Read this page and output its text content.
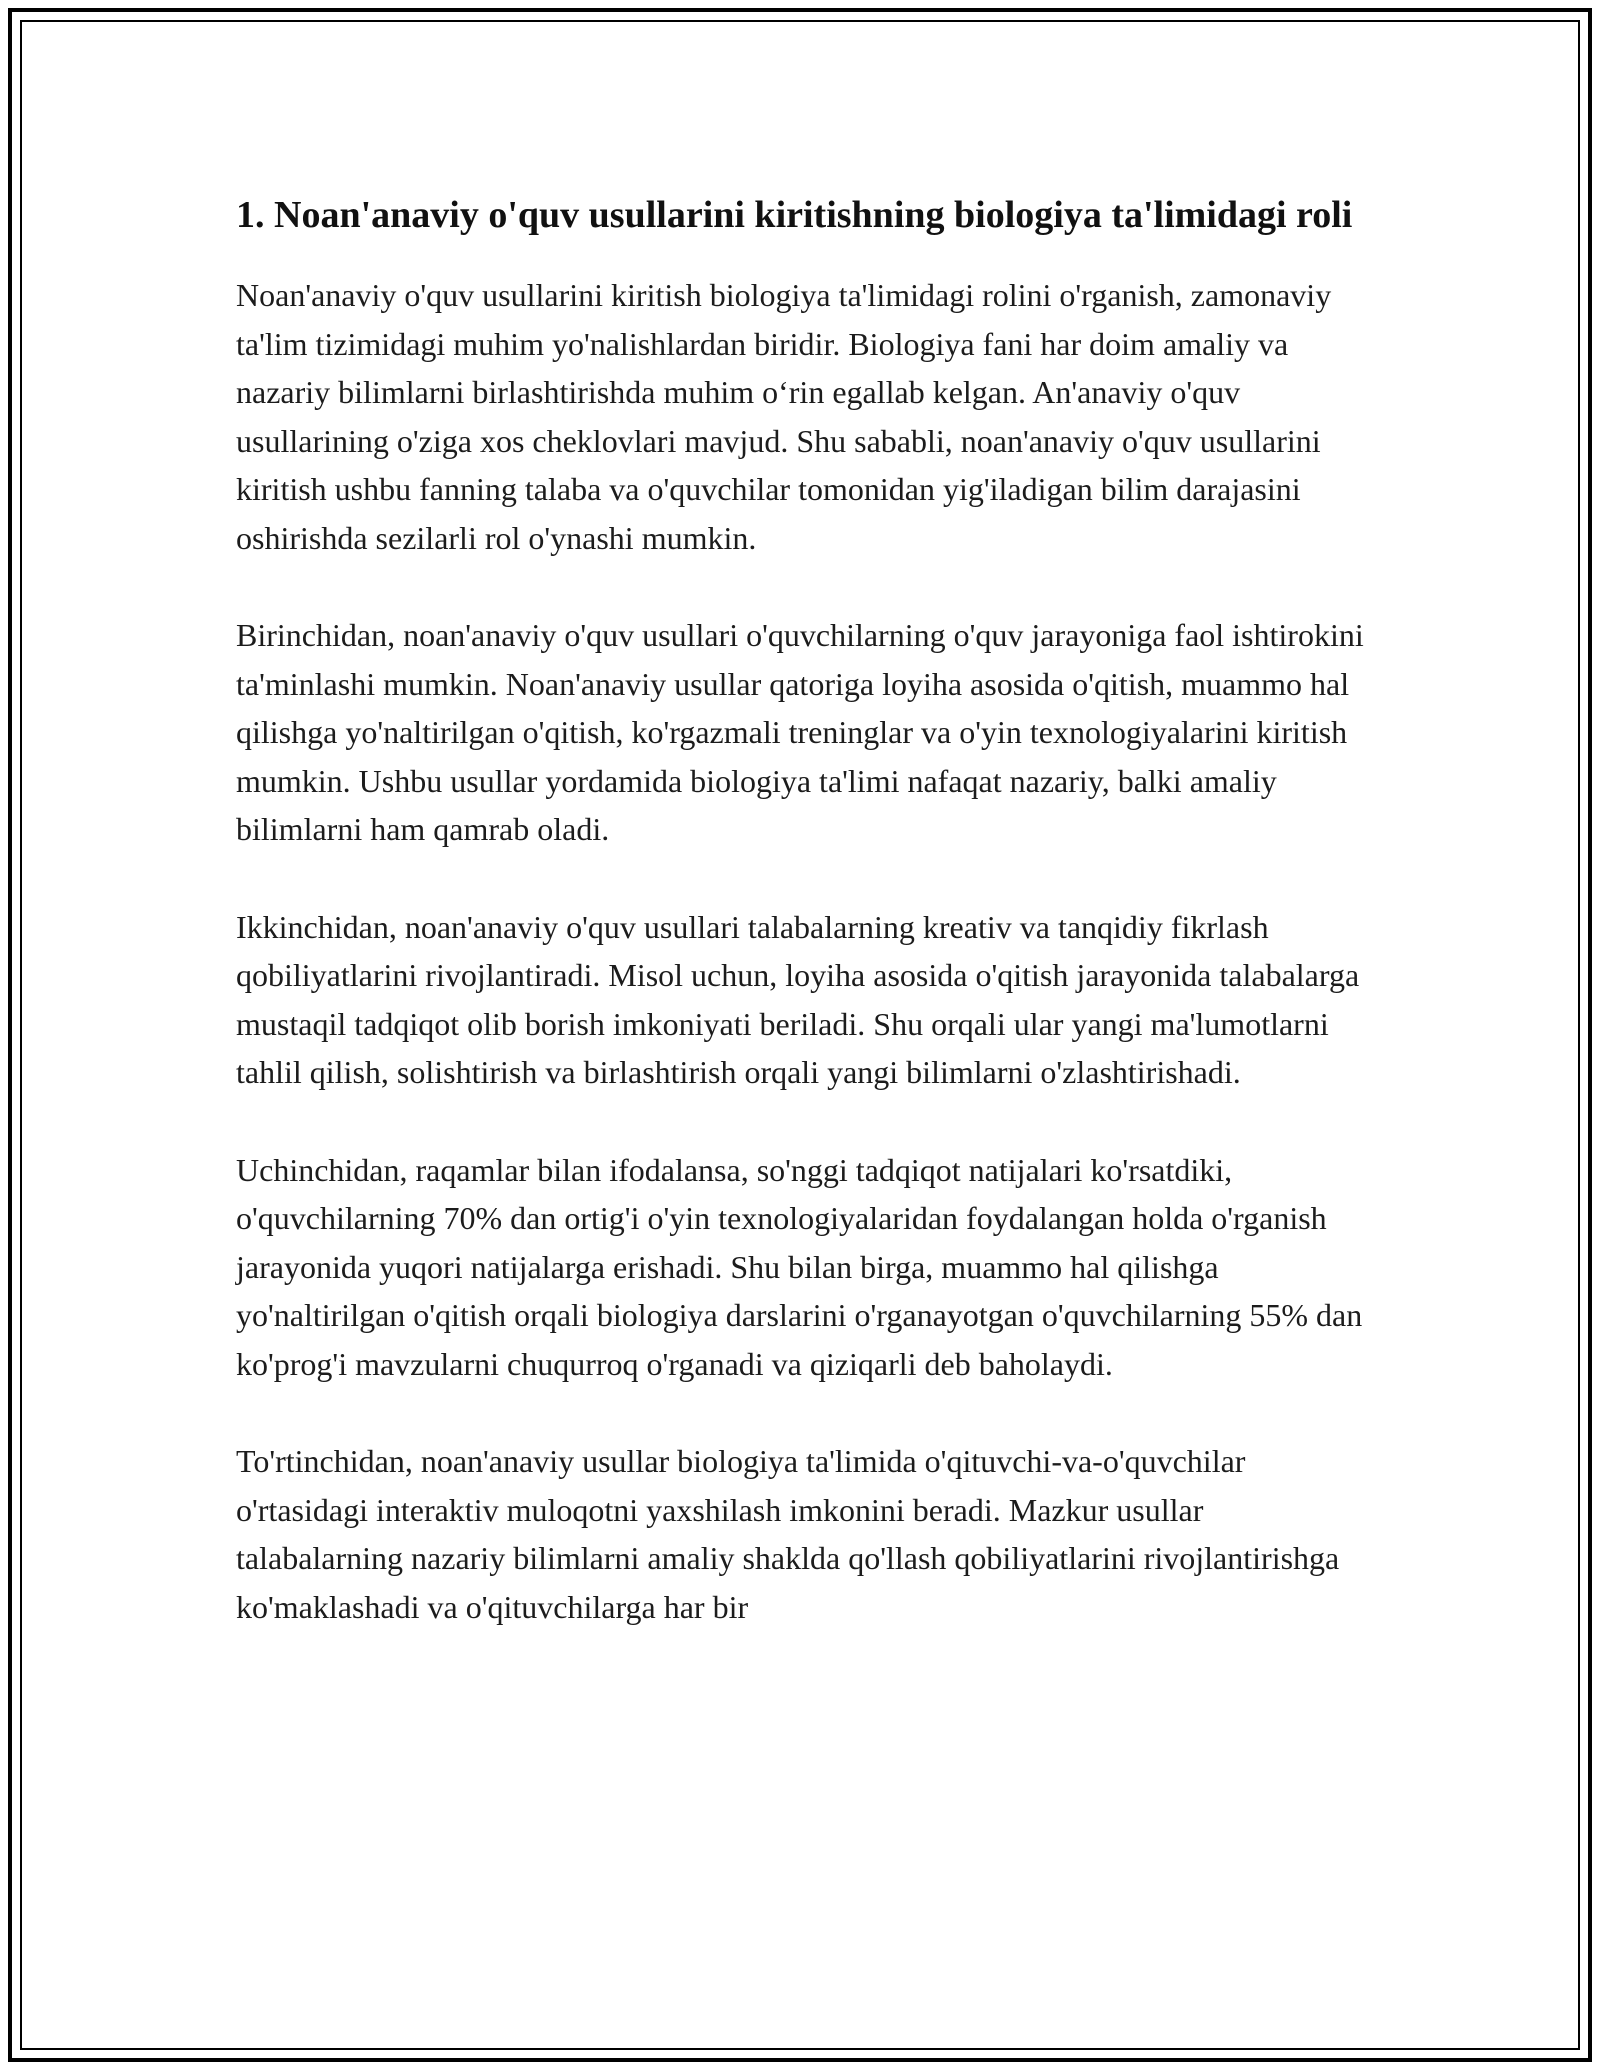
1. Noan'anaviy o'quv usullarini kiritishning biologiya ta'limidagi roli

Noan'anaviy o'quv usullarini kiritish biologiya ta'limidagi rolini o'rganish, zamonaviy ta'lim tizimidagi muhim yo'nalishlardan biridir. Biologiya fani har doim amaliy va nazariy bilimlarni birlashtirishda muhim o‘rin egallab kelgan. An'anaviy o'quv usullarining o'ziga xos cheklovlari mavjud. Shu sababli, noan'anaviy o'quv usullarini kiritish ushbu fanning talaba va o'quvchilar tomonidan yig'iladigan bilim darajasini oshirishda sezilarli rol o'ynashi mumkin.

Birinchidan, noan'anaviy o'quv usullari o'quvchilarning o'quv jarayoniga faol ishtirokini ta'minlashi mumkin. Noan'anaviy usullar qatoriga loyiha asosida o'qitish, muammo hal qilishga yo'naltirilgan o'qitish, ko'rgazmali treninglar va o'yin texnologiyalarini kiritish mumkin. Ushbu usullar yordamida biologiya ta'limi nafaqat nazariy, balki amaliy bilimlarni ham qamrab oladi.

Ikkinchidan, noan'anaviy o'quv usullari talabalarning kreativ va tanqidiy fikrlash qobiliyatlarini rivojlantiradi. Misol uchun, loyiha asosida o'qitish jarayonida talabalarga mustaqil tadqiqot olib borish imkoniyati beriladi. Shu orqali ular yangi ma'lumotlarni tahlil qilish, solishtirish va birlashtirish orqali yangi bilimlarni o'zlashtirishadi.

Uchinchidan, raqamlar bilan ifodalansa, so'nggi tadqiqot natijalari ko'rsatdiki, o'quvchilarning 70% dan ortig'i o'yin texnologiyalaridan foydalangan holda o'rganish jarayonida yuqori natijalarga erishadi. Shu bilan birga, muammo hal qilishga yo'naltirilgan o'qitish orqali biologiya darslarini o'rganayotgan o'quvchilarning 55% dan ko'prog'i mavzularni chuqurroq o'rganadi va qiziqarli deb baholaydi.

To'rtinchidan, noan'anaviy usullar biologiya ta'limida o'qituvchi-va-o'quvchilar o'rtasidagi interaktiv muloqotni yaxshilash imkonini beradi. Mazkur usullar talabalarning nazariy bilimlarni amaliy shaklda qo'llash qobiliyatlarini rivojlantirishga ko'maklashadi va o'qituvchilarga har bir
